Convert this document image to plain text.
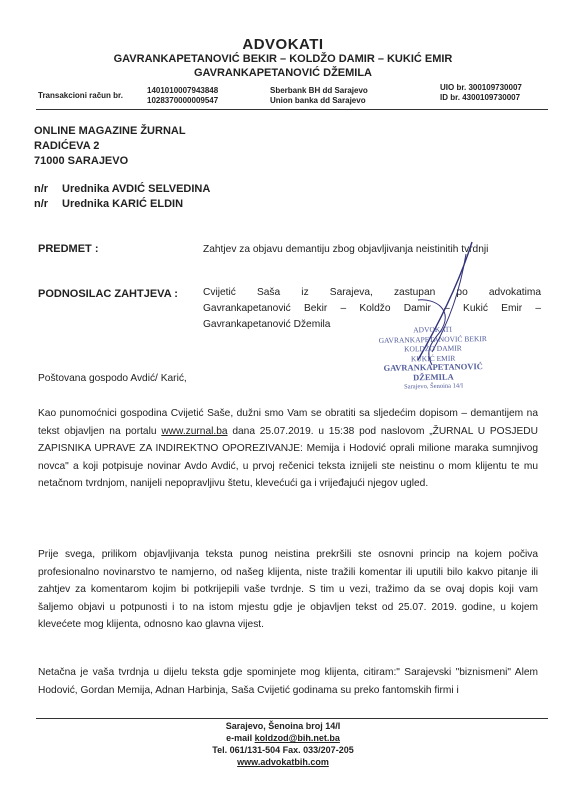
ADVOKATI
GAVRANKAPETANOVIĆ BEKIR – KOLDŽO DAMIR – KUKIĆ EMIR
GAVRANKAPETANOVIĆ DŽEMILA
Transakcioni račun br.
1401010007943848
1028370000009547
Sberbank BH dd Sarajevo
Union banka dd Sarajevo
UIO br. 300109730007
ID br. 4300109730007
ONLINE MAGAZINE ŽURNAL
RADIĆEVA 2
71000 SARAJEVO
n/r Urednika AVDIĆ SELVEDINA
n/r Urednika KARIĆ ELDIN
PREDMET :	Zahtjev za objavu demantiju zbog objavljivanja neistinitih tvrdnji
PODNOSILAC ZAHTJEVA : Cvijetić Saša iz Sarajeva, zastupan po advokatima
Gavrankapetanović Bekir – Koldžo Damir – Kukić Emir –
Gavrankapetanović Džemila	ADVOKATI
GAVRANKAPETANOVIĆ BEKIR
KOLDŽO DAMIR
KUKIĆ EMIR
GAVRANKAPETANOVIĆ DŽEMILA
Sarajevo, Šenoina 14/I
Poštovana gospodo Avdić/ Karić,

Kao punomoćnici gospodina Cvijetić Saše, dužni smo Vam se obratiti sa sljedećim dopisom – demantijem na tekst objavljen na portalu www.zurnal.ba dana 25.07.2019. u 15:38 pod naslovom „ŽURNAL U POSJEDU ZAPISNIKA UPRAVE ZA INDIREKTNO OPOREZIVANJE: Memija i Hodović oprali milione maraka sumnjivog novca" a koji potpisuje novinar Avdo Avdić, u prvoj rečenici teksta iznijeli ste neistinu o mom klijentu te mu netačnom tvrdnjom, nanijeli nepopravljivu štetu, klevećući ga i vrijeđajući njegov ugled.

Prije svega, prilikom objavljivanja teksta punog neistina prekršili ste osnovni princip na kojem počiva profesionalno novinarstvo te namjerno, od našeg klijenta, niste tražili komentar ili uputili bilo kakvo pitanje ili zahtjev za komentarom kojim bi potkrijepili vaše tvrdnje. S tim u vezi, tražimo da se ovaj dopis koji vam šaljemo objavi u potpunosti i to na istom mjestu gdje je objavljen tekst od 25.07. 2019. godine, u kojem klevećete mog klijenta, odnosno kao glavna vijest.

Netačna je vaša tvrdnja u dijelu teksta gdje spominjete mog klijenta, citiram:" Sarajevski "biznismeni" Alem Hodović, Gordan Memija, Adnan Harbinja, Saša Cvijetić godinama su preko fantomskih firmi i

Sarajevo, Šenoina broj 14/I
e-mail koldzod@bih.net.ba
Tel. 061/131-504 Fax. 033/207-205
www.advokatbih.com
